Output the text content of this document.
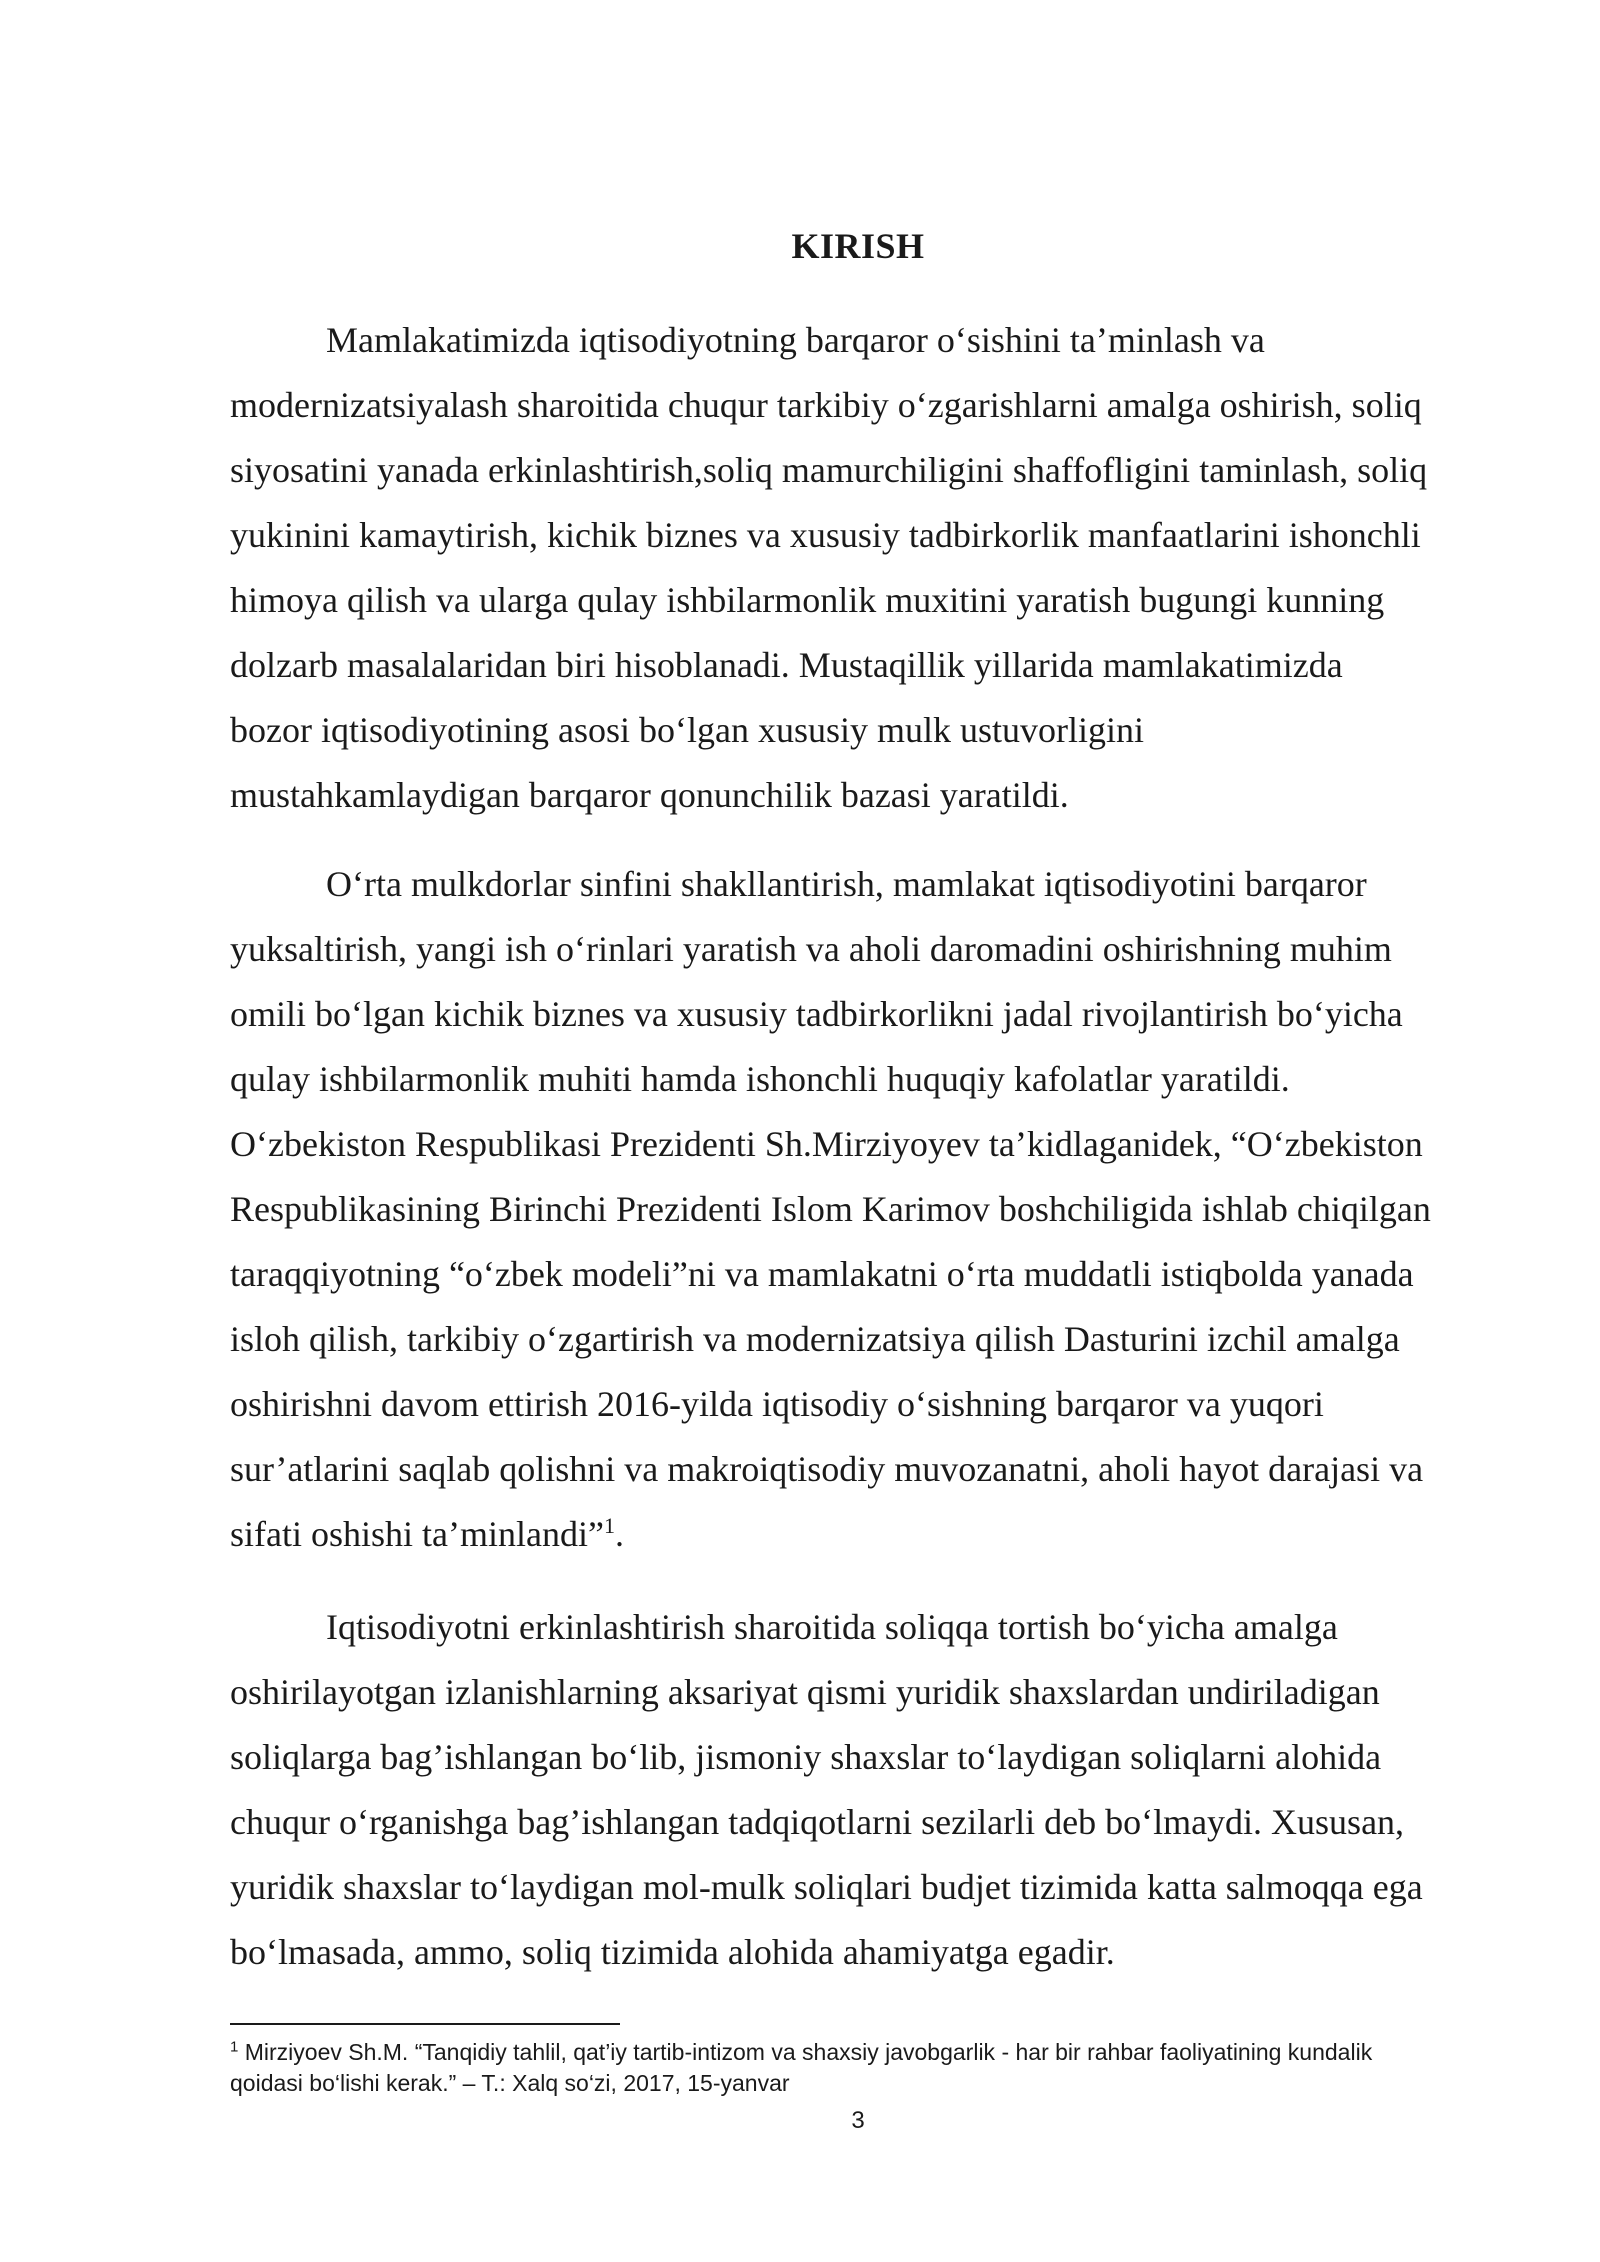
KIRISH
Mamlakatimizda iqtisodiyotning barqaror o‘sishini ta’minlash va
modernizatsiyalash sharoitida chuqur tarkibiy o‘zgarishlarni amalga oshirish, soliq
siyosatini yanada erkinlashtirish,soliq mamurchiligini shaffofligini taminlash, soliq
yukinini kamaytirish, kichik biznes va xususiy tadbirkorlik manfaatlarini ishonchli
himoya qilish va ularga qulay ishbilarmonlik muxitini yaratish bugungi kunning
dolzarb masalalaridan biri hisoblanadi. Mustaqillik yillarida mamlakatimizda
bozor iqtisodiyotining asosi bo‘lgan xususiy mulk ustuvorligini
mustahkamlaydigan barqaror qonunchilik bazasi yaratildi.
O‘rta mulkdorlar sinfini shakllantirish, mamlakat iqtisodiyotini barqaror
yuksaltirish, yangi ish o‘rinlari yaratish va aholi daromadini oshirishning muhim
omili bo‘lgan kichik biznes va xususiy tadbirkorlikni jadal rivojlantirish bo‘yicha
qulay ishbilarmonlik muhiti hamda ishonchli huquqiy kafolatlar yaratildi.
O‘zbekiston Respublikasi Prezidenti Sh.Mirziyoyev ta’kidlaganidek, “O‘zbekiston
Respublikasining Birinchi Prezidenti Islom Karimov boshchiligida ishlab chiqilgan
taraqqiyotning “o‘zbek modeli”ni va mamlakatni o‘rta muddatli istiqbolda yanada
isloh qilish, tarkibiy o‘zgartirish va modernizatsiya qilish Dasturini izchil amalga
oshirishni davom ettirish 2016-yilda iqtisodiy o‘sishning barqaror va yuqori
sur’atlarini saqlab qolishni va makroiqtisodiy muvozanatni, aholi hayot darajasi va
sifati oshishi ta’minlandi”$^1$.
Iqtisodiyotni erkinlashtirish sharoitida soliqqa tortish bo‘yicha amalga
oshirilayotgan izlanishlarning aksariyat qismi yuridik shaxslardan undiriladigan
soliqlarga bag’ishlangan bo‘lib, jismoniy shaxslar to‘laydigan soliqlarni alohida
chuqur o‘rganishga bag’ishlangan tadqiqotlarni sezilarli deb bo‘lmaydi. Xususan,
yuridik shaxslar to‘laydigan mol-mulk soliqlari budjet tizimida katta salmoqqa ega
bo‘lmasada, ammo, soliq tizimida alohida ahamiyatga egadir.
$^1$ Mirziyoev Sh.M. “Tanqidiy tahlil, qat’iy tartib-intizom va shaxsiy javobgarlik - har bir rahbar faoliyatining kundalik
qoidasi bo‘lishi kerak.” – T.: Xalq so‘zi, 2017, 15-yanvar
3
